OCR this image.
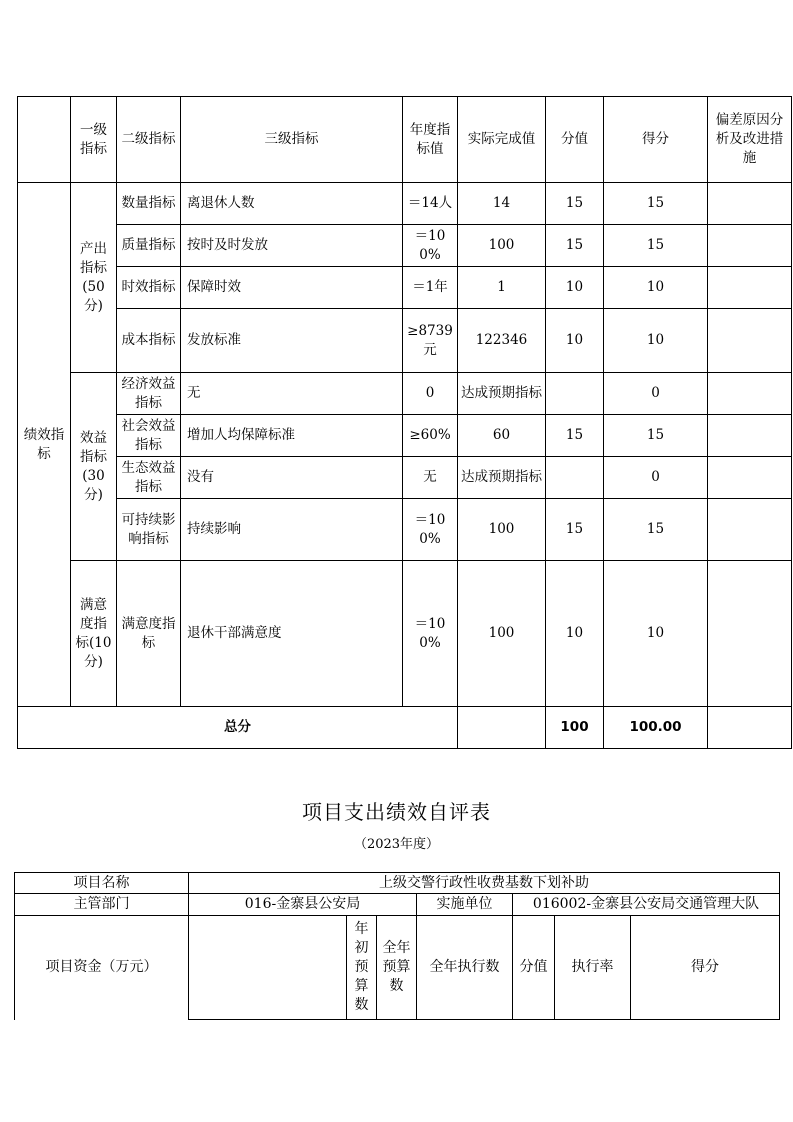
	一级指标	二级指标	三级指标	年度指标值	实际完成值	分值	得分	偏差原因分析及改进措施
绩效指标	产出指标(50分)	数量指标	离退休人数	＝14人	14	15	15	
		质量指标	按时及时发放	＝100%	100	15	15	
		时效指标	保障时效	＝1年	1	10	10	
		成本指标	发放标准	≥8739元	122346	10	10	
	效益指标(30分)	经济效益指标	无	0	达成预期指标		0	
		社会效益指标	增加人均保障标准	≥60%	60	15	15	
		生态效益指标	没有	无	达成预期指标		0	
		可持续影响指标	持续影响	＝100%	100	15	15	
	满意度指标(10分)	满意度指标	退休干部满意度	＝100%	100	10	10	
总分						100	100.00	
项目支出绩效自评表
（2023年度）
项目名称	上级交警行政性收费基数下划补助						
主管部门	016-金寨县公安局			实施单位	016002-金寨县公安局交通管理大队		
项目资金（万元）		年初预算数	全年预算数	全年执行数	分值	执行率	得分
